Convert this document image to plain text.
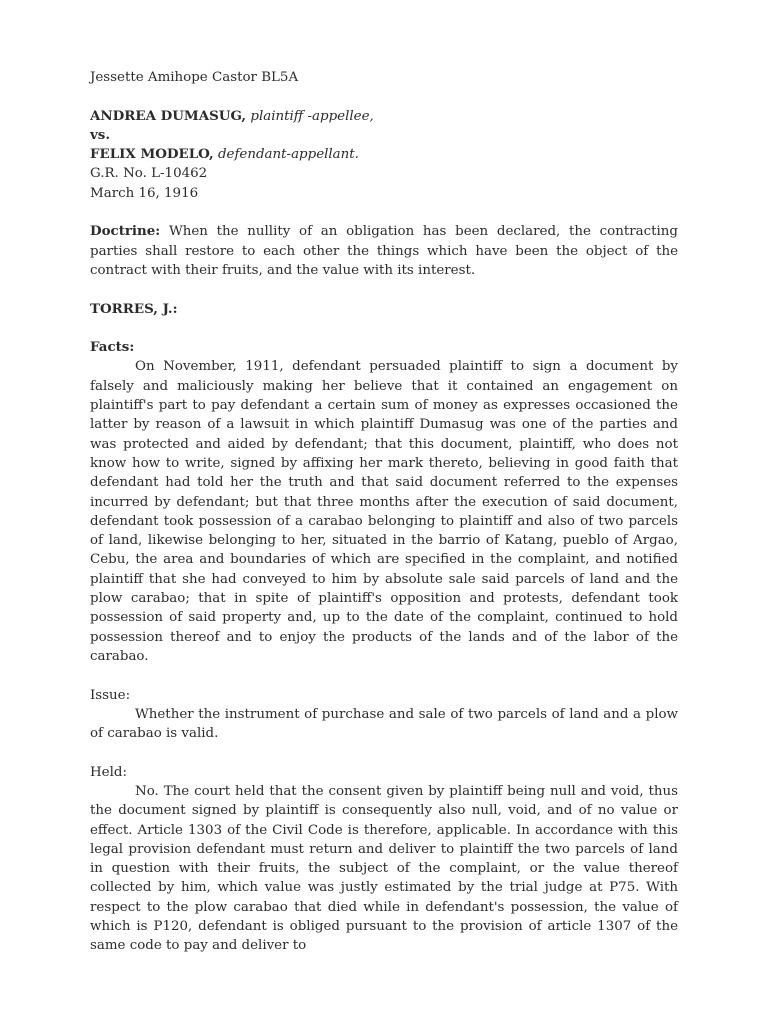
Jessette Amihope Castor BL5A

ANDREA DUMASUG, plaintiff -appellee,

vs.

FELIX MODELO, defendant-appellant.

G.R. No. L-10462

March 16, 1916

Doctrine: When the nullity of an obligation has been declared, the contracting parties shall restore to each other the things which have been the object of the contract with their fruits, and the value with its interest.

TORRES, J.:

Facts:

On November, 1911, defendant persuaded plaintiff to sign a document by falsely and maliciously making her believe that it contained an engagement on plaintiff's part to pay defendant a certain sum of money as expresses occasioned the latter by reason of a lawsuit in which plaintiff Dumasug was one of the parties and was protected and aided by defendant; that this document, plaintiff, who does not know how to write, signed by affixing her mark thereto, believing in good faith that defendant had told her the truth and that said document referred to the expenses incurred by defendant; but that three months after the execution of said document, defendant took possession of a carabao belonging to plaintiff and also of two parcels of land, likewise belonging to her, situated in the barrio of Katang, pueblo of Argao, Cebu, the area and boundaries of which are specified in the complaint, and notified plaintiff that she had conveyed to him by absolute sale said parcels of land and the plow carabao; that in spite of plaintiff's opposition and protests, defendant took possession of said property and, up to the date of the complaint, continued to hold possession thereof and to enjoy the products of the lands and of the labor of the carabao.

Issue:

Whether the instrument of purchase and sale of two parcels of land and a plow of carabao is valid.

Held:

No. The court held that the consent given by plaintiff being null and void, thus the document signed by plaintiff is consequently also null, void, and of no value or effect. Article 1303 of the Civil Code is therefore, applicable. In accordance with this legal provision defendant must return and deliver to plaintiff the two parcels of land in question with their fruits, the subject of the complaint, or the value thereof collected by him, which value was justly estimated by the trial judge at P75. With respect to the plow carabao that died while in defendant's possession, the value of which is P120, defendant is obliged pursuant to the provision of article 1307 of the same code to pay and deliver to
